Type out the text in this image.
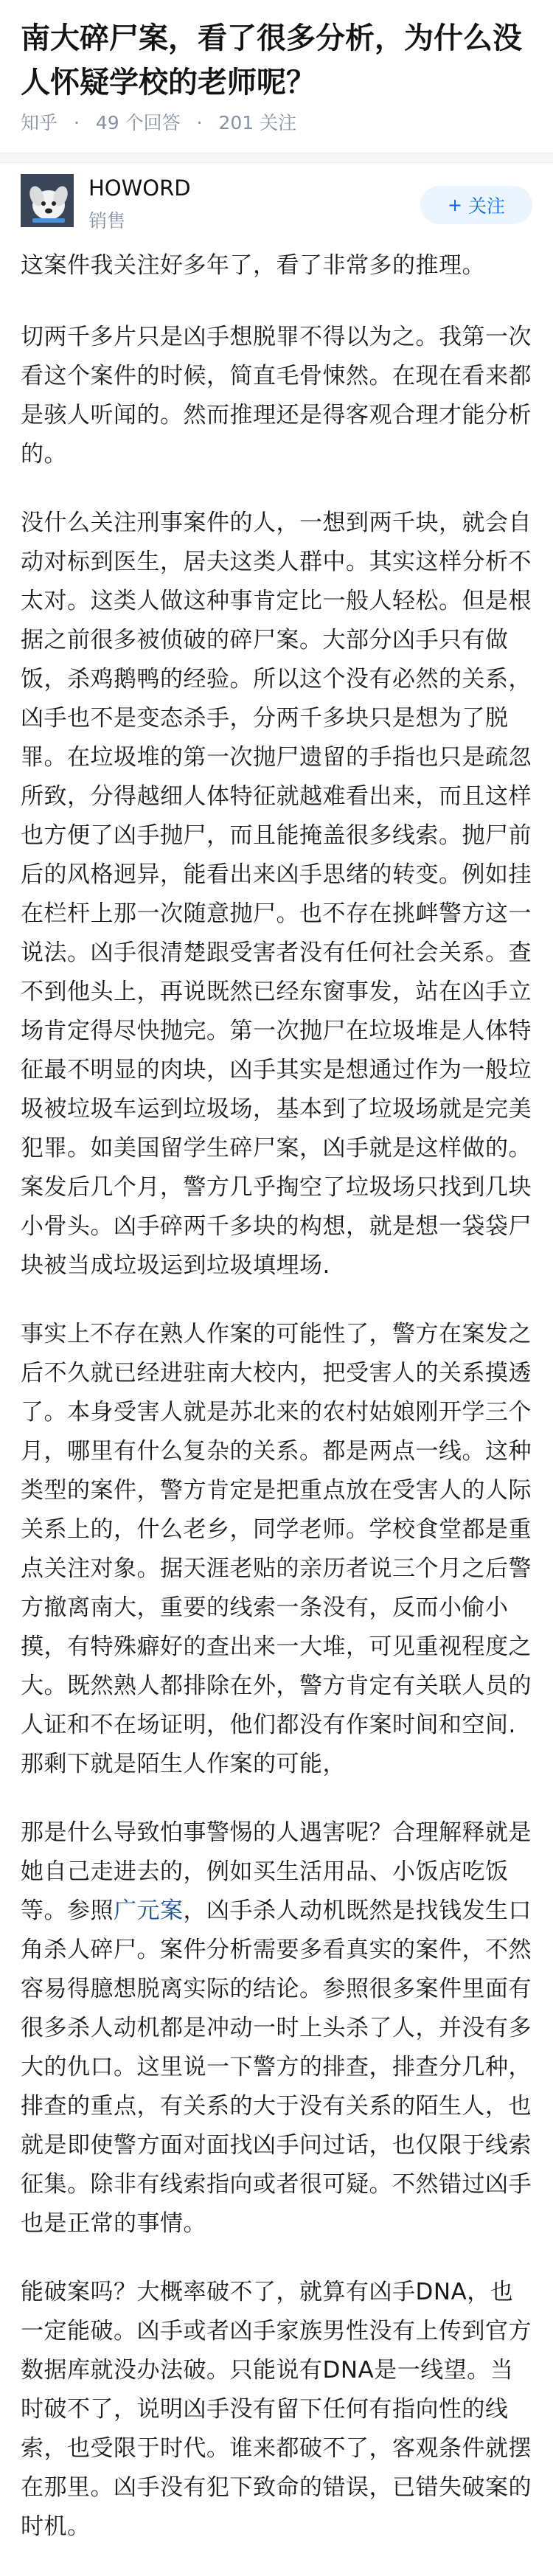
南大碎尸案，看了很多分析，为什么没人怀疑学校的老师呢？
知乎 · 49 个回答 · 201 关注
HOWORD
销售
+ 关注

这案件我关注好多年了，看了非常多的推理。

切两千多片只是凶手想脱罪不得以为之。我第一次看这个案件的时候，简直毛骨悚然。在现在看来都是骇人听闻的。然而推理还是得客观合理才能分析的。

没什么关注刑事案件的人，一想到两千块，就会自动对标到医生，居夫这类人群中。其实这样分析不太对。这类人做这种事肯定比一般人轻松。但是根据之前很多被侦破的碎尸案。大部分凶手只有做饭，杀鸡鹅鸭的经验。所以这个没有必然的关系，凶手也不是变态杀手，分两千多块只是想为了脱罪。在垃圾堆的第一次抛尸遗留的手指也只是疏忽所致，分得越细人体特征就越难看出来，而且这样也方便了凶手抛尸，而且能掩盖很多线索。抛尸前后的风格迥异，能看出来凶手思绪的转变。例如挂在栏杆上那一次随意抛尸。也不存在挑衅警方这一说法。凶手很清楚跟受害者没有任何社会关系。查不到他头上，再说既然已经东窗事发，站在凶手立场肯定得尽快抛完。第一次抛尸在垃圾堆是人体特征最不明显的肉块，凶手其实是想通过作为一般垃圾被垃圾车运到垃圾场，基本到了垃圾场就是完美犯罪。如美国留学生碎尸案，凶手就是这样做的。案发后几个月，警方几乎掏空了垃圾场只找到几块小骨头。凶手碎两千多块的构想，就是想一袋袋尸块被当成垃圾运到垃圾填埋场.

事实上不存在熟人作案的可能性了，警方在案发之后不久就已经进驻南大校内，把受害人的关系摸透了。本身受害人就是苏北来的农村姑娘刚开学三个月，哪里有什么复杂的关系。都是两点一线。这种类型的案件，警方肯定是把重点放在受害人的人际关系上的，什么老乡，同学老师。学校食堂都是重点关注对象。据天涯老贴的亲历者说三个月之后警方撤离南大，重要的线索一条没有，反而小偷小摸，有特殊癖好的查出来一大堆，可见重视程度之大。既然熟人都排除在外，警方肯定有关联人员的人证和不在场证明，他们都没有作案时间和空间.那剩下就是陌生人作案的可能，

那是什么导致怕事警惕的人遇害呢？合理解释就是她自己走进去的，例如买生活用品、小饭店吃饭等。参照广元案，凶手杀人动机既然是找钱发生口角杀人碎尸。案件分析需要多看真实的案件，不然容易得臆想脱离实际的结论。参照很多案件里面有很多杀人动机都是冲动一时上头杀了人，并没有多大的仇口。这里说一下警方的排查，排查分几种，排查的重点，有关系的大于没有关系的陌生人，也就是即使警方面对面找凶手问过话，也仅限于线索征集。除非有线索指向或者很可疑。不然错过凶手也是正常的事情。

能破案吗？大概率破不了，就算有凶手DNA，也一定能破。凶手或者凶手家族男性没有上传到官方数据库就没办法破。只能说有DNA是一线望。当时破不了，说明凶手没有留下任何有指向性的线索，也受限于时代。谁来都破不了，客观条件就摆在那里。凶手没有犯下致命的错误，已错失破案的时机。
